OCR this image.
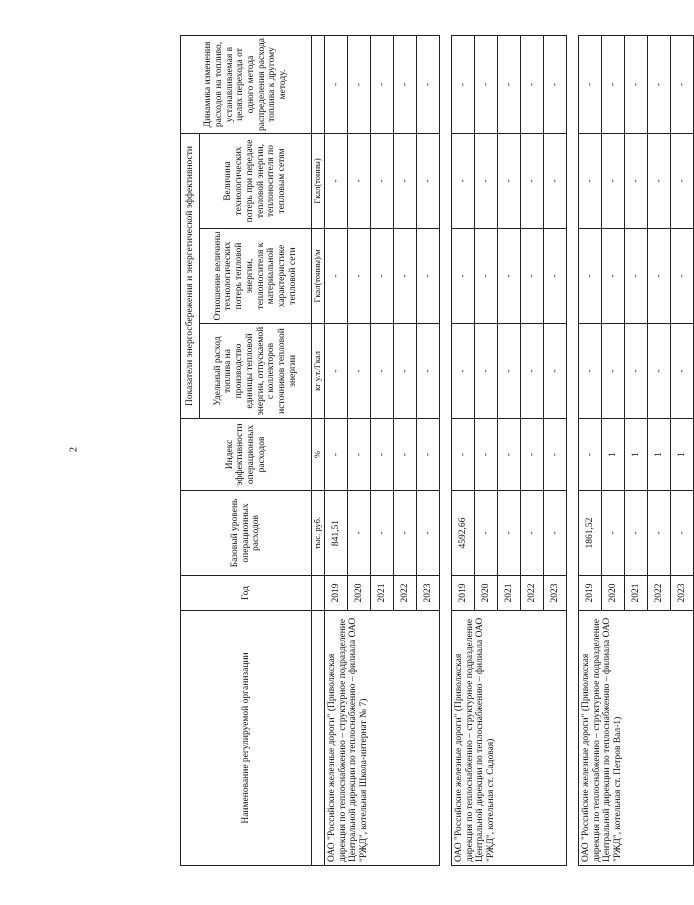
2
Наименование регулируемой организации	Год	Базовый уровень операционных расходов	Индекс эффективности операционных расходов	Показатели энергосбережения и энергетической эффективности			Динамика изменения расходов на топливо, устанавливаемая в целях перехода от одного метода распределения расхода топлива к другому методу.
				Удельный расход топлива на производство единицы тепловой энергии, отпускаемой с коллекторов источников тепловой энергии	Отношение величины технологических потерь тепловой энергии, теплоносителя к материальной характеристике тепловой сети	Величина технологических потерь при передаче тепловой энергии, теплоносителя по тепловым сетям	
		тыс. руб.	%	кг у.т./Гкал	Гкал(тонны)/м	Гкал(тонны)	
ОАО "Российские железные дороги" (Приволжская дирекция по теплоснабжению – структурное подразделение Центральной дирекции по теплоснабжению – филиала ОАО "РЖД", котельная Школа-интернат № 7)	2019	841,51	-	-	-	-	-
	2020	-	-	-	-	-	-
	2021	-	-	-	-	-	-
	2022	-	-	-	-	-	-
	2023	-	-	-	-	-	-

ОАО "Российские железные дороги" (Приволжская дирекция по теплоснабжению – структурное подразделение Центральной дирекции по теплоснабжению – филиала ОАО "РЖД", котельная ст. Садовая)	2019	4592,66	-	-	-	-	-
	2020	-	-	-	-	-	-
	2021	-	-	-	-	-	-
	2022	-	-	-	-	-	-
	2023	-	-	-	-	-	-

ОАО "Российские железные дороги" (Приволжская дирекция по теплоснабжению – структурное подразделение Центральной дирекции по теплоснабжению – филиала ОАО "РЖД", котельная ст. Петров Вал-1)	2019	1861,52	-	-	-	-	-
	2020	-	1	-	-	-	-
	2021	-	1	-	-	-	-
	2022	-	1	-	-	-	-
	2023	-	1	-	-	-	-
